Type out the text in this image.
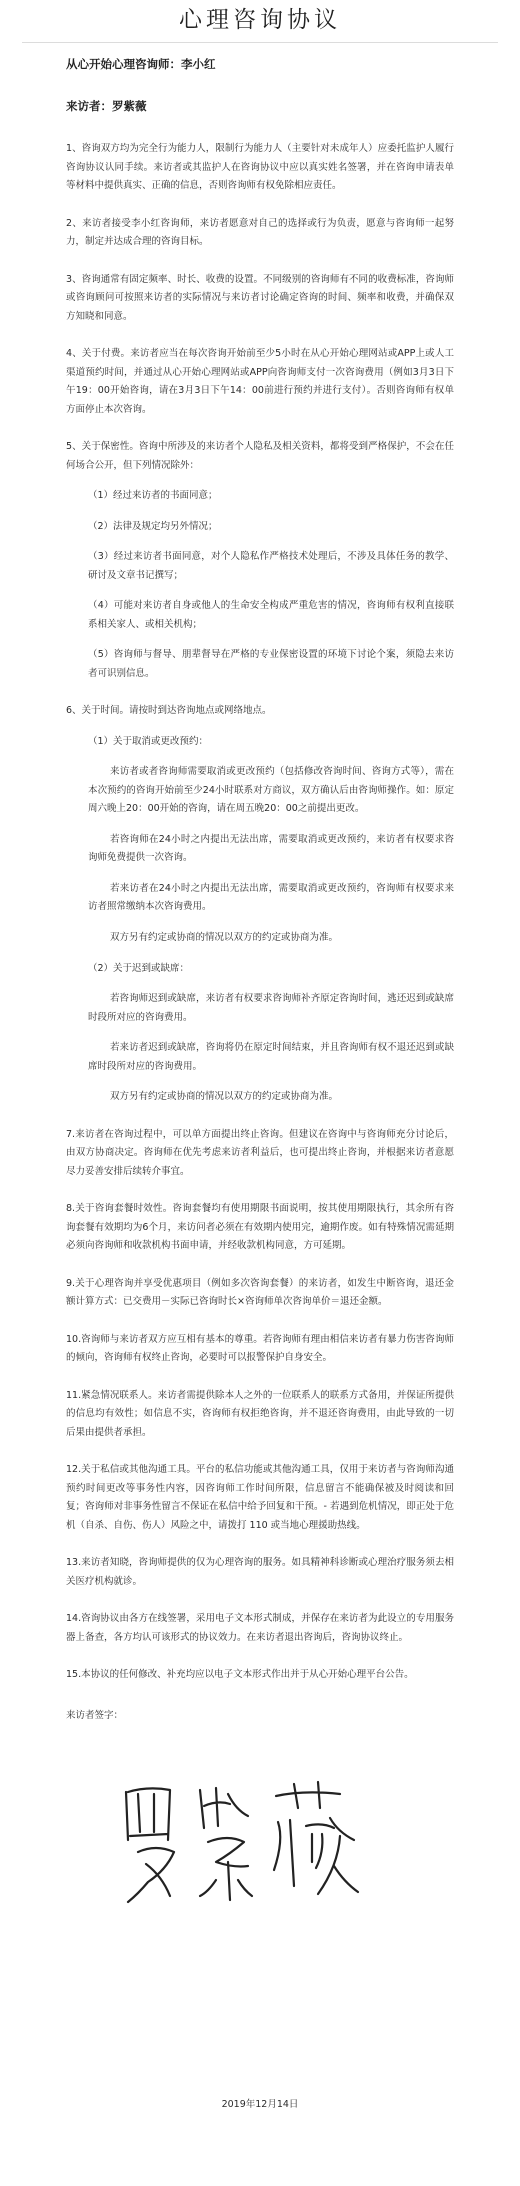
心理咨询协议
从心开始心理咨询师：李小红
来访者：罗紫薇

1、咨询双方均为完全行为能力人，限制行为能力人（主要针对未成年人）应委托监护人履行咨询协议认同手续。来访者或其监护人在咨询协议中应以真实姓名签署，并在咨询申请表单等材料中提供真实、正确的信息，否则咨询师有权免除相应责任。

2、来访者接受李小红咨询师，来访者愿意对自己的选择或行为负责，愿意与咨询师一起努力，制定并达成合理的咨询目标。

3、咨询通常有固定频率、时长、收费的设置。不同级别的咨询师有不同的收费标准，咨询师或咨询顾问可按照来访者的实际情况与来访者讨论确定咨询的时间、频率和收费，并确保双方知晓和同意。

4、关于付费。来访者应当在每次咨询开始前至少5小时在从心开始心理网站或APP上或人工渠道预约时间，并通过从心开始心理网站或APP向咨询师支付一次咨询费用（例如3月3日下午19：00开始咨询，请在3月3日下午14：00前进行预约并进行支付）。否则咨询师有权单方面停止本次咨询。

5、关于保密性。咨询中所涉及的来访者个人隐私及相关资料，都将受到严格保护，不会在任何场合公开，但下列情况除外：

（1）经过来访者的书面同意；

（2）法律及规定均另外情况；

（3）经过来访者书面同意，对个人隐私作严格技术处理后，不涉及具体任务的教学、研讨及文章书记撰写；

（4）可能对来访者自身或他人的生命安全构成严重危害的情况，咨询师有权利直接联系相关家人、或相关机构；

（5）咨询师与督导、朋辈督导在严格的专业保密设置的环境下讨论个案，须隐去来访者可识别信息。

6、关于时间。请按时到达咨询地点或网络地点。

（1）关于取消或更改预约：

来访者或者咨询师需要取消或更改预约（包括修改咨询时间、咨询方式等），需在本次预约的咨询开始前至少24小时联系对方商议，双方确认后由咨询师操作。如：原定周六晚上20：00开始的咨询，请在周五晚20：00之前提出更改。

若咨询师在24小时之内提出无法出席，需要取消或更改预约，来访者有权要求咨询师免费提供一次咨询。

若来访者在24小时之内提出无法出席，需要取消或更改预约，咨询师有权要求来访者照常缴纳本次咨询费用。

双方另有约定或协商的情况以双方的约定或协商为准。

（2）关于迟到或缺席：

若咨询师迟到或缺席，来访者有权要求咨询师补齐原定咨询时间，逃还迟到或缺席时段所对应的咨询费用。

若来访者迟到或缺席，咨询将仍在原定时间结束，并且咨询师有权不退还迟到或缺席时段所对应的咨询费用。

双方另有约定或协商的情况以双方的约定或协商为准。

7.来访者在咨询过程中，可以单方面提出终止咨询。但建议在咨询中与咨询师充分讨论后，由双方协商决定。咨询师在优先考虑来访者利益后，也可提出终止咨询，并根据来访者意愿尽力妥善安排后续转介事宜。

8.关于咨询套餐时效性。咨询套餐均有使用期限书面说明，按其使用期限执行，其余所有咨询套餐有效期均为6个月，来访问者必须在有效期内使用完，逾期作废。如有特殊情况需延期必须向咨询师和收款机构书面申请，并经收款机构同意，方可延期。

9.关于心理咨询并享受优惠项目（例如多次咨询套餐）的来访者，如发生中断咨询，退还金额计算方式：已交费用－实际已咨询时长×咨询师单次咨询单价＝退还金额。

10.咨询师与来访者双方应互相有基本的尊重。若咨询师有理由相信来访者有暴力伤害咨询师的倾向，咨询师有权终止咨询，必要时可以报警保护自身安全。

11.紧急情况联系人。来访者需提供除本人之外的一位联系人的联系方式备用，并保证所提供的信息均有效性；如信息不实，咨询师有权拒绝咨询，并不退还咨询费用，由此导致的一切后果由提供者承担。

12.关于私信或其他沟通工具。平台的私信功能或其他沟通工具，仅用于来访者与咨询师沟通预约时间更改等事务性内容，因咨询师工作时间所限，信息留言不能确保被及时阅读和回复；咨询师对非事务性留言不保证在私信中给予回复和干预。- 若遇到危机情况，即正处于危机（自杀、自伤、伤人）风险之中，请拨打 110 或当地心理援助热线。

13.来访者知晓，咨询师提供的仅为心理咨询的服务。如具精神科诊断或心理治疗服务须去相关医疗机构就诊。

14.咨询协议由各方在线签署，采用电子文本形式制成，并保存在来访者为此设立的专用服务器上备查，各方均认可该形式的协议效力。在来访者退出咨询后，咨询协议终止。

15.本协议的任何修改、补充均应以电子文本形式作出并于从心开始心理平台公告。

来访者签字：
2019年12月14日
